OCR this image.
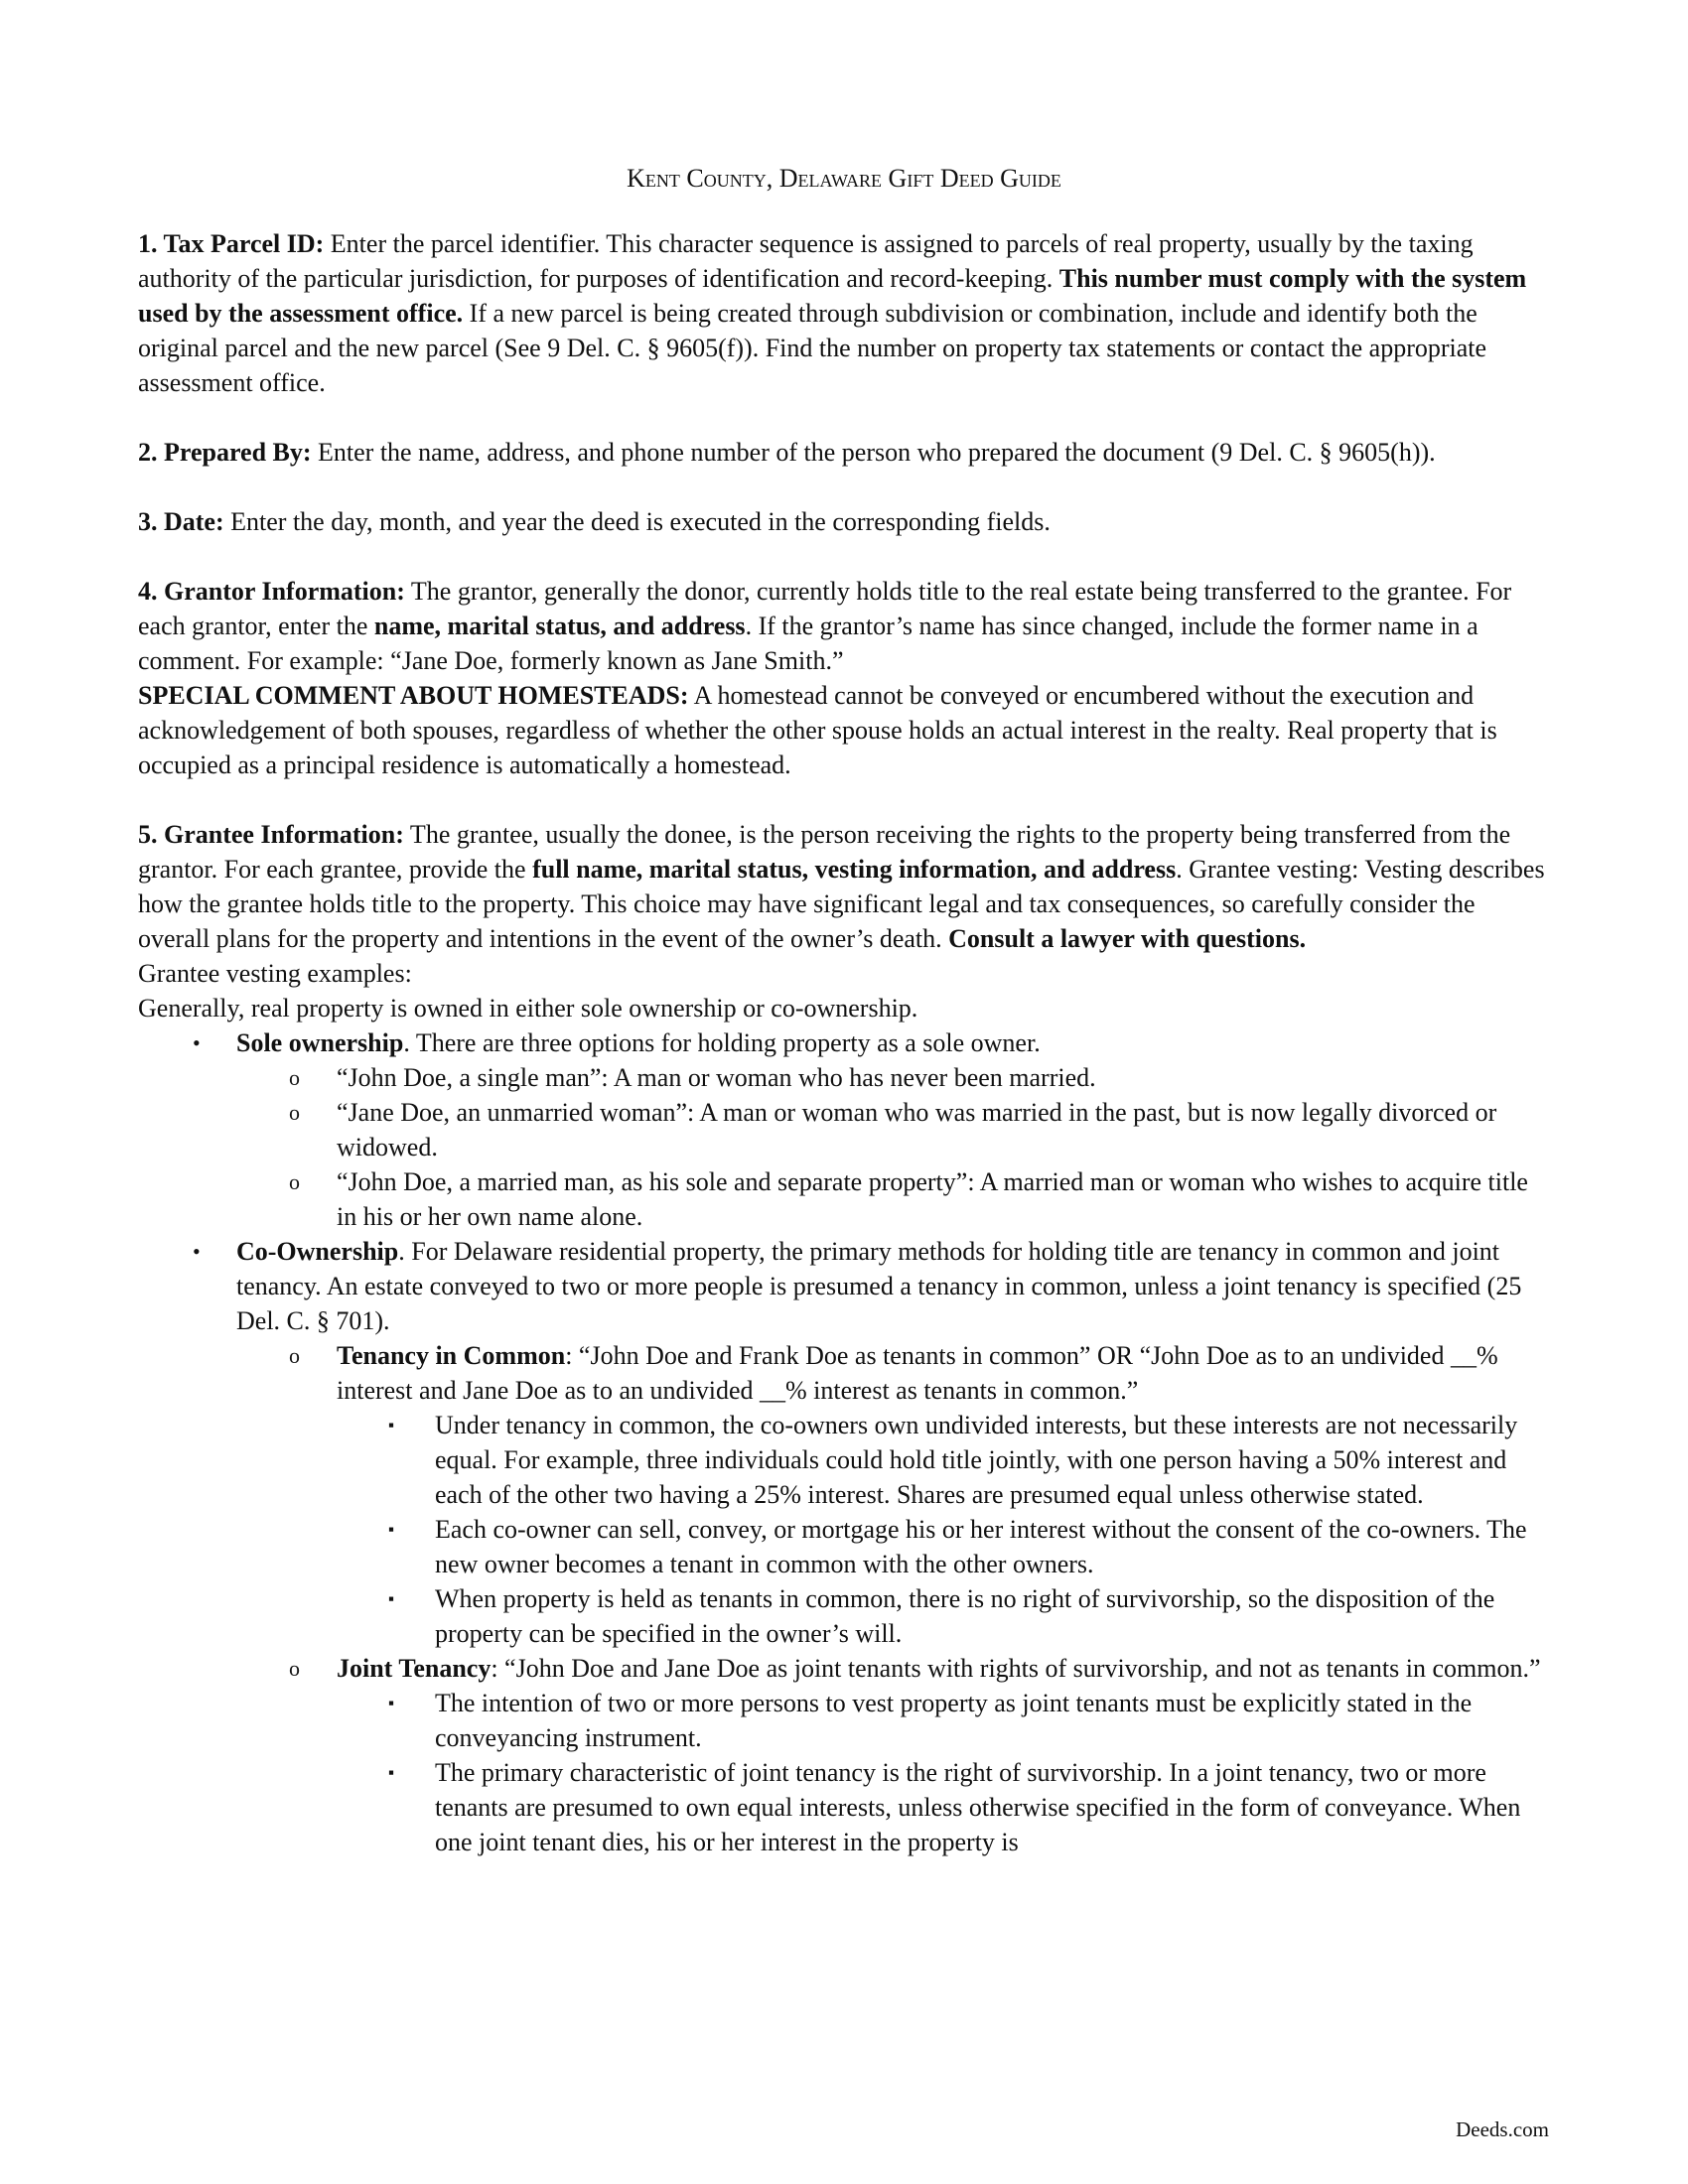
Kent County, Delaware Gift Deed Guide

1. Tax Parcel ID: Enter the parcel identifier. This character sequence is assigned to parcels of real property, usually by the taxing authority of the particular jurisdiction, for purposes of identification and record-keeping. This number must comply with the system used by the assessment office. If a new parcel is being created through subdivision or combination, include and identify both the original parcel and the new parcel (See 9 Del. C. § 9605(f)). Find the number on property tax statements or contact the appropriate assessment office.

2. Prepared By: Enter the name, address, and phone number of the person who prepared the document (9 Del. C. § 9605(h)).

3. Date: Enter the day, month, and year the deed is executed in the corresponding fields.

4. Grantor Information: The grantor, generally the donor, currently holds title to the real estate being transferred to the grantee. For each grantor, enter the name, marital status, and address. If the grantor’s name has since changed, include the former name in a comment. For example: “Jane Doe, formerly known as Jane Smith.”

SPECIAL COMMENT ABOUT HOMESTEADS: A homestead cannot be conveyed or encumbered without the execution and acknowledgement of both spouses, regardless of whether the other spouse holds an actual interest in the realty. Real property that is occupied as a principal residence is automatically a homestead.

5. Grantee Information: The grantee, usually the donee, is the person receiving the rights to the property being transferred from the grantor. For each grantee, provide the full name, marital status, vesting information, and address. Grantee vesting: Vesting describes how the grantee holds title to the property. This choice may have significant legal and tax consequences, so carefully consider the overall plans for the property and intentions in the event of the owner’s death. Consult a lawyer with questions.

Grantee vesting examples:

Generally, real property is owned in either sole ownership or co-ownership.

• Sole ownership. There are three options for holding property as a sole owner.
o “John Doe, a single man”: A man or woman who has never been married.
o “Jane Doe, an unmarried woman”: A man or woman who was married in the past, but is now legally divorced or widowed.
o “John Doe, a married man, as his sole and separate property”: A married man or woman who wishes to acquire title in his or her own name alone.
• Co-Ownership. For Delaware residential property, the primary methods for holding title are tenancy in common and joint tenancy. An estate conveyed to two or more people is presumed a tenancy in common, unless a joint tenancy is specified (25 Del. C. § 701).
o Tenancy in Common: “John Doe and Frank Doe as tenants in common” OR “John Doe as to an undivided __% interest and Jane Doe as to an undivided __% interest as tenants in common.”
▪ Under tenancy in common, the co-owners own undivided interests, but these interests are not necessarily equal. For example, three individuals could hold title jointly, with one person having a 50% interest and each of the other two having a 25% interest. Shares are presumed equal unless otherwise stated.
▪ Each co-owner can sell, convey, or mortgage his or her interest without the consent of the co-owners. The new owner becomes a tenant in common with the other owners.
▪ When property is held as tenants in common, there is no right of survivorship, so the disposition of the property can be specified in the owner’s will.
o Joint Tenancy: “John Doe and Jane Doe as joint tenants with rights of survivorship, and not as tenants in common.”
▪ The intention of two or more persons to vest property as joint tenants must be explicitly stated in the conveyancing instrument.
▪ The primary characteristic of joint tenancy is the right of survivorship. In a joint tenancy, two or more tenants are presumed to own equal interests, unless otherwise specified in the form of conveyance. When one joint tenant dies, his or her interest in the property is
Deeds.com
